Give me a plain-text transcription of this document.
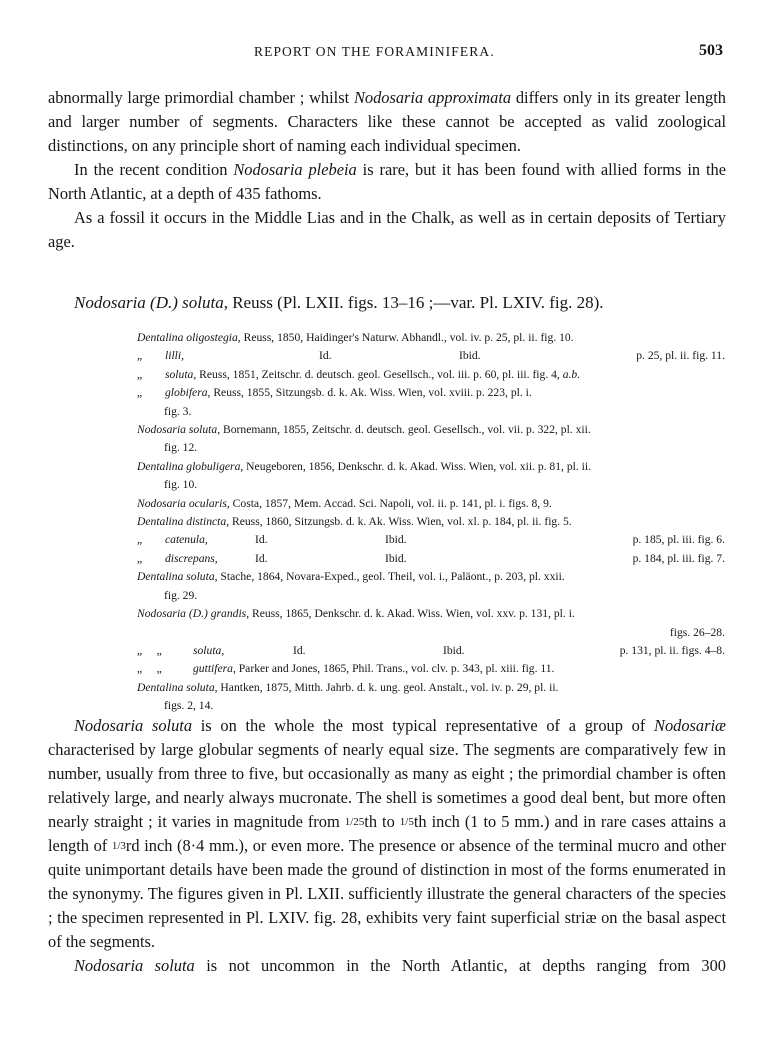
REPORT ON THE FORAMINIFERA.	503

abnormally large primordial chamber ; whilst Nodosaria approximata differs only in its greater length and larger number of segments. Characters like these cannot be accepted as valid zoological distinctions, on any principle short of naming each individual specimen.

In the recent condition Nodosaria plebeia is rare, but it has been found with allied forms in the North Atlantic, at a depth of 435 fathoms.

As a fossil it occurs in the Middle Lias and in the Chalk, as well as in certain deposits of Tertiary age.

Nodosaria (D.) soluta, Reuss (Pl. LXII. figs. 13–16 ;—var. Pl. LXIV. fig. 28).

Dentalina oligostegia, Reuss, 1850, Haidinger's Naturw. Abhandl., vol. iv. p. 25, pl. ii. fig. 10.

„	lilli,	Id.	Ibid.	p. 25, pl. ii. fig. 11.

„ soluta, Reuss, 1851, Zeitschr. d. deutsch. geol. Gesellsch., vol. iii. p. 60, pl. iii. fig. 4, a.b.

„ globifera, Reuss, 1855, Sitzungsb. d. k. Ak. Wiss. Wien, vol. xviii. p. 223, pl. i.
fig. 3.

Nodosaria soluta, Bornemann, 1855, Zeitschr. d. deutsch. geol. Gesellsch., vol. vii. p. 322, pl. xii.
fig. 12.

Dentalina globuligera, Neugeboren, 1856, Denkschr. d. k. Akad. Wiss. Wien, vol. xii. p. 81, pl. ii.
fig. 10.

Nodosaria ocularis, Costa, 1857, Mem. Accad. Sci. Napoli, vol. ii. p. 141, pl. i. figs. 8, 9.

Dentalina distincta, Reuss, 1860, Sitzungsb. d. k. Ak. Wiss. Wien, vol. xl. p. 184, pl. ii. fig. 5.

„	catenula,	Id.	Ibid.	p. 185, pl. iii. fig. 6.

„	discrepans,	Id.	Ibid.	p. 184, pl. iii. fig. 7.

Dentalina soluta, Stache, 1864, Novara-Exped., geol. Theil, vol. i., Paläont., p. 203, pl. xxii.
fig. 29.

Nodosaria (D.) grandis, Reuss, 1865, Denkschr. d. k. Akad. Wiss. Wien, vol. xxv. p. 131, pl. i.
figs. 26–28.

„     „	soluta,	Id.	Ibid.	p. 131, pl. ii. figs. 4–8.

„     „	guttifera, Parker and Jones, 1865, Phil. Trans., vol. clv. p. 343, pl. xiii. fig. 11.

Dentalina soluta, Hantken, 1875, Mitth. Jahrb. d. k. ung. geol. Anstalt., vol. iv. p. 29, pl. ii.
figs. 2, 14.

Nodosaria soluta is on the whole the most typical representative of a group of Nodosariæ characterised by large globular segments of nearly equal size. The segments are comparatively few in number, usually from three to five, but occasionally as many as eight ; the primordial chamber is often relatively large, and nearly always mucronate. The shell is sometimes a good deal bent, but more often nearly straight ; it varies in magnitude from 1/25th to 1/5th inch (1 to 5 mm.) and in rare cases attains a length of 1/3rd inch (8·4 mm.), or even more. The presence or absence of the terminal mucro and other quite unimportant details have been made the ground of distinction in most of the forms enumerated in the synonymy. The figures given in Pl. LXII. sufficiently illustrate the general characters of the species ; the specimen represented in Pl. LXIV. fig. 28, exhibits very faint superficial striæ on the basal aspect of the segments.

Nodosaria soluta is not uncommon in the North Atlantic, at depths ranging from 300
